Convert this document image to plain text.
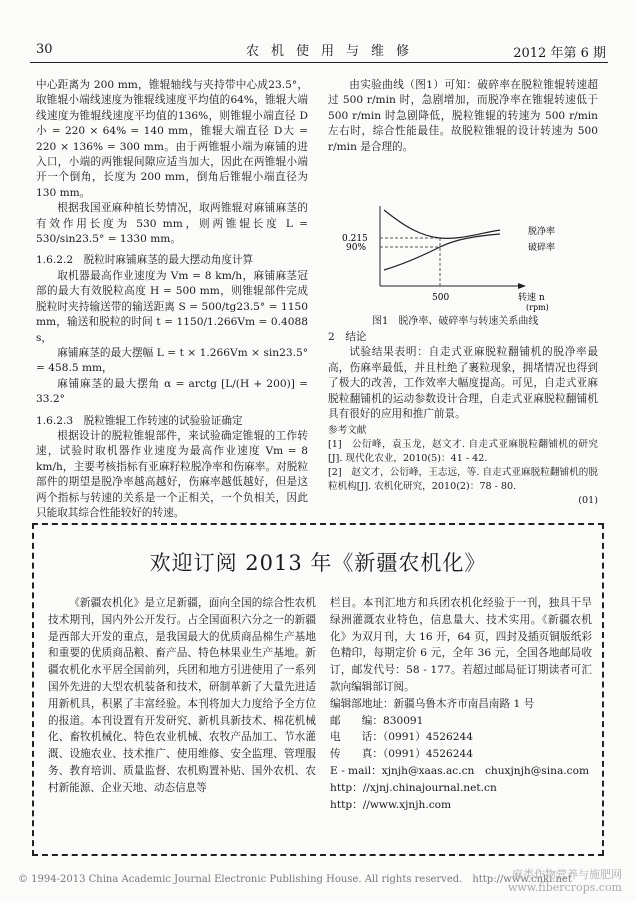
30	农机使用与维修	2012 年第 6 期

中心距离为 200 mm，锥辊轴线与夹持带中心成23.5°，取锥辊小端线速度为锥辊线速度平均值的64%，锥辊大端线速度为锥辊线速度平均值的136%，则锥辊小端直径 D小 = 220 × 64% = 140 mm，锥辊大端直径 D大 = 220 × 136% = 300 mm。由于两锥辊小端为麻铺的进入口，小端的两锥辊间隙应适当加大，因此在两锥辊小端开一个倒角，长度为 200 mm，倒角后锥辊小端直径为 130 mm。

根据我国亚麻种植长势情况，取两锥辊对麻铺麻茎的有效作用长度为 530 mm，则两锥辊长度 L = 530/sin23.5° = 1330 mm。

1.6.2.2　脱粒时麻铺麻茎的最大摆动角度计算

取机器最高作业速度为 Vm = 8 km/h，麻铺麻茎冠部的最大有效脱粒高度 H = 500 mm，则锥辊部件完成脱粒时夹持输送带的输送距离 S = 500/tg23.5° = 1150 mm，输送和脱粒的时间 t = 1150/1.266Vm = 0.4088 s，

麻铺麻茎的最大摆幅 L = t × 1.266Vm × sin23.5° = 458.5 mm，

麻铺麻茎的最大摆角 α = arctg [L/(H + 200)] = 33.2°

1.6.2.3　脱粒锥辊工作转速的试验验证确定

根据设计的脱粒锥辊部件，来试验确定锥辊的工作转速，试验时取机器作业速度为最高作业速度 Vm = 8 km/h，主要考核指标有亚麻籽粒脱净率和伤麻率。对脱粒部件的期望是脱净率越高越好，伤麻率越低越好，但是这两个指标与转速的关系是一个正相关，一个负相关，因此只能取其综合性能较好的转速。

由实验曲线（图1）可知：破碎率在脱粒锥辊转速超过 500 r/min 时，急剧增加，而脱净率在锥辊转速低于 500 r/min 时急剧降低，脱粒锥辊的转速为 500 r/min 左右时，综合性能最佳。故脱粒锥辊的设计转速为 500 r/min 是合理的。

0.215
90%
500
脱净率
破碎率
转速 n
(rpm)
图1　脱净率、破碎率与转速关系曲线

2　结论

试验结果表明：自走式亚麻脱粒翻铺机的脱净率最高，伤麻率最低，并且杜绝了裹粒现象，拥堵情况也得到了极大的改善，工作效率大幅度提高。可见，自走式亚麻脱粒翻铺机的运动参数设计合理，自走式亚麻脱粒翻铺机具有很好的应用和推广前景。

参考文献

[1]　公衍峰，袁玉龙，赵文才. 自走式亚麻脱粒翻铺机的研究[J]. 现代化农业，2010(5)：41 - 42.

[2]　赵文才，公衍峰，王志远，等. 自走式亚麻脱粒翻铺机的脱粒机构[J]. 农机化研究，2010(2)：78 - 80.

(01)

欢迎订阅 2013 年《新疆农机化》

《新疆农机化》是立足新疆，面向全国的综合性农机技术期刊，国内外公开发行。占全国面积六分之一的新疆是西部大开发的重点，是我国最大的优质商品棉生产基地和重要的优质商品粮、畜产品、特色林果业生产基地。新疆农机化水平居全国前列，兵团和地方引进使用了一系列国外先进的大型农机装备和技术，研制革新了大量先进适用新机具，积累了丰富经验。本刊将加大力度给予全方位的报道。本刊设置有开发研究、新机具新技术、棉花机械化、畜牧机械化、特色农业机械、农牧产品加工、节水灌溉、设施农业、技术推广、使用维修、安全监理、管理服务、教育培训、质量监督、农机购置补贴、国外农机、农村新能源、企业天地、动态信息等

栏目。本刊汇地方和兵团农机化经验于一刊，独具干旱绿洲灌溉农业特色，信息量大、技术实用。《新疆农机化》为双月刊，大 16 开，64 页，四封及插页铜版纸彩色精印，每期定价 6 元，全年 36 元，全国各地邮局收订，邮发代号：58 - 177。若超过邮局征订期读者可汇款向编辑部订阅。

编辑部地址：新疆乌鲁木齐市南昌南路 1 号
邮　　编：830091
电　　话：（0991）4526244
传　　真：（0991）4526244
E - mail：xjnjh@xaas.ac.cn　chuxjnjh@sina.com
http：//xjnj.chinajournal.net.cn
http：//www.xjnjh.com
© 1994-2013 China Academic Journal Electronic Publishing House. All rights reserved.　http://www.cnki.net
麻类作物营养与施肥网
www.fibercrops.com
